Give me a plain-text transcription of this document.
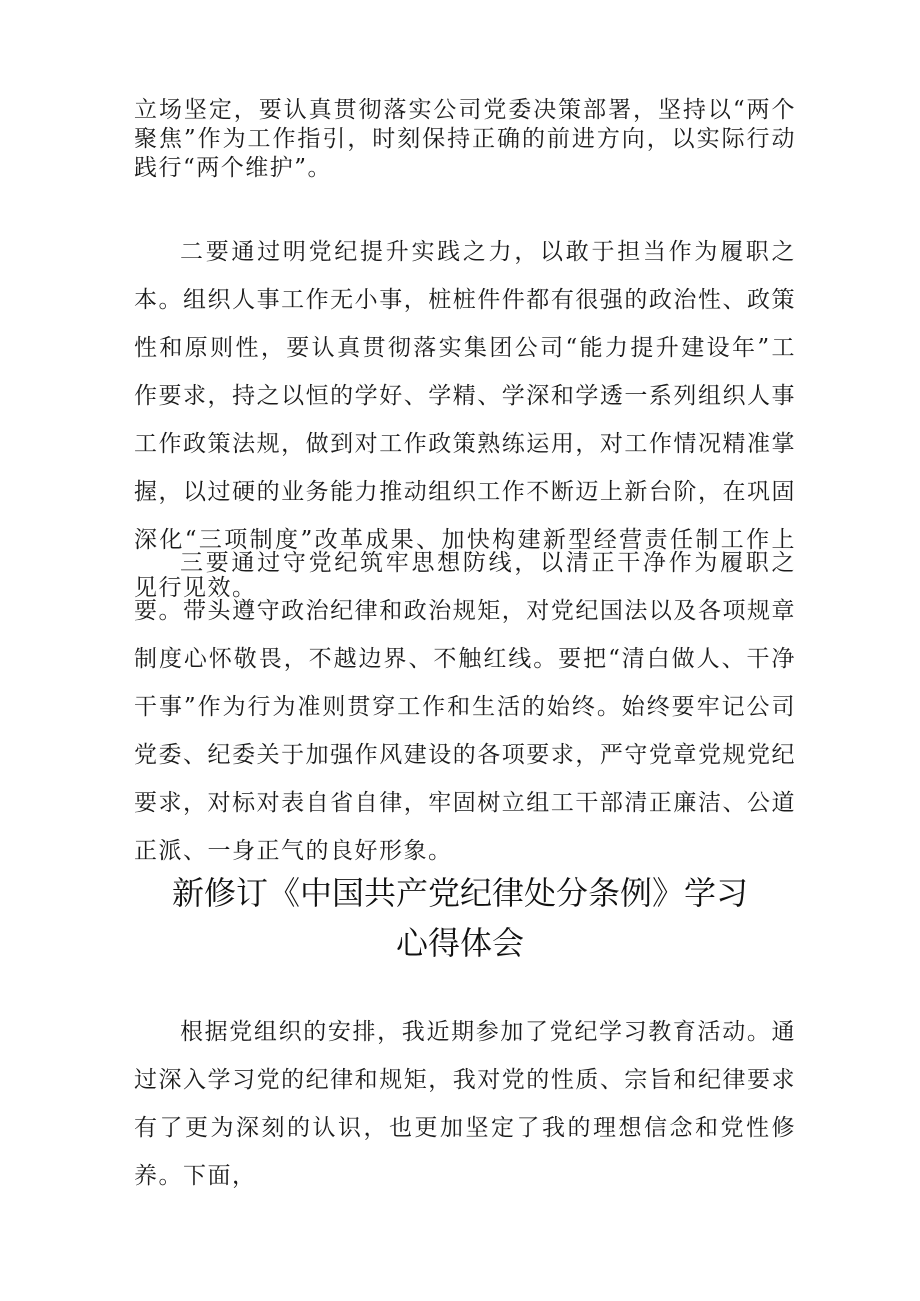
立场坚定，要认真贯彻落实公司党委决策部署，坚持以“两个聚焦”作为工作指引，时刻保持正确的前进方向，以实际行动践行“两个维护”。

二要通过明党纪提升实践之力，以敢于担当作为履职之本。组织人事工作无小事，桩桩件件都有很强的政治性、政策性和原则性，要认真贯彻落实集团公司“能力提升建设年”工作要求，持之以恒的学好、学精、学深和学透一系列组织人事工作政策法规，做到对工作政策熟练运用，对工作情况精准掌握，以过硬的业务能力推动组织工作不断迈上新台阶，在巩固深化“三项制度”改革成果、加快构建新型经营责任制工作上见行见效。

三要通过守党纪筑牢思想防线，以清正干净作为履职之要。带头遵守政治纪律和政治规矩，对党纪国法以及各项规章制度心怀敬畏，不越边界、不触红线。要把“清白做人、干净干事”作为行为准则贯穿工作和生活的始终。始终要牢记公司党委、纪委关于加强作风建设的各项要求，严守党章党规党纪要求，对标对表自省自律，牢固树立组工干部清正廉洁、公道正派、一身正气的良好形象。

新修订《中国共产党纪律处分条例》学习
心得体会

根据党组织的安排，我近期参加了党纪学习教育活动。通过深入学习党的纪律和规矩，我对党的性质、宗旨和纪律要求有了更为深刻的认识，也更加坚定了我的理想信念和党性修养。下面，
